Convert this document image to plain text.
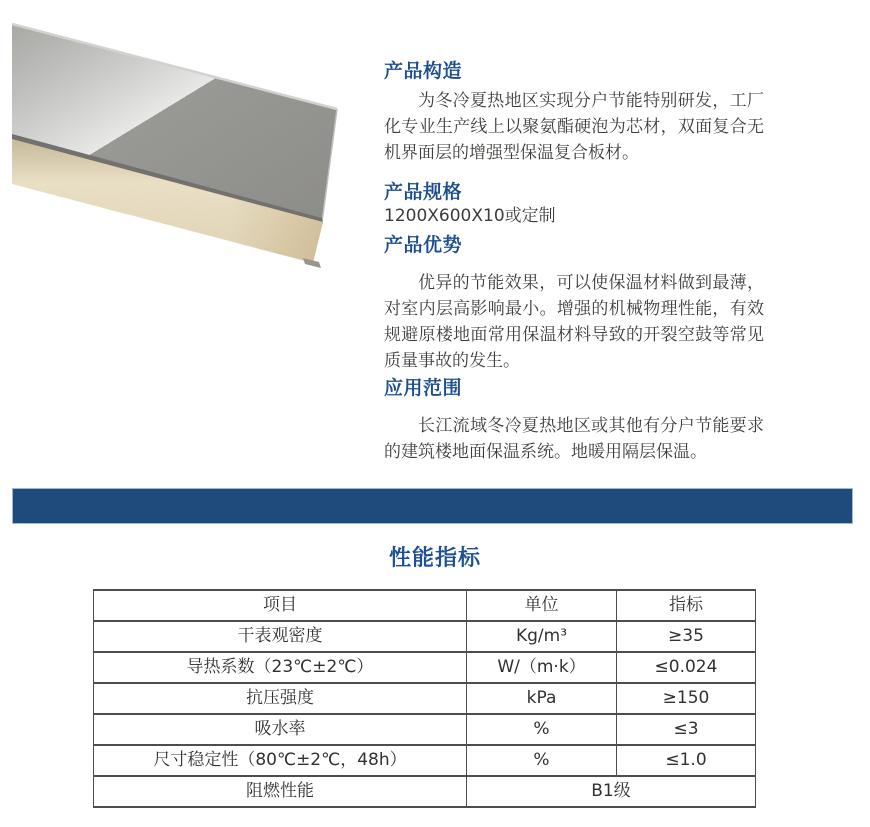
产品构造

为冬冷夏热地区实现分户节能特别研发，工厂化专业生产线上以聚氨酯硬泡为芯材，双面复合无机界面层的增强型保温复合板材。

产品规格

1200X600X10或定制

产品优势

优异的节能效果，可以使保温材料做到最薄，对室内层高影响最小。增强的机械物理性能，有效规避原楼地面常用保温材料导致的开裂空鼓等常见质量事故的发生。

应用范围

长江流域冬冷夏热地区或其他有分户节能要求的建筑楼地面保温系统。地暖用隔层保温。

性能指标
项目	单位	指标
干表观密度	Kg/m³	≥35
导热系数（23℃±2℃）	W/（m·k）	≤0.024
抗压强度	kPa	≥150
吸水率	%	≤3
尺寸稳定性（80℃±2℃，48h）	%	≤1.0
阻燃性能	B1级	
